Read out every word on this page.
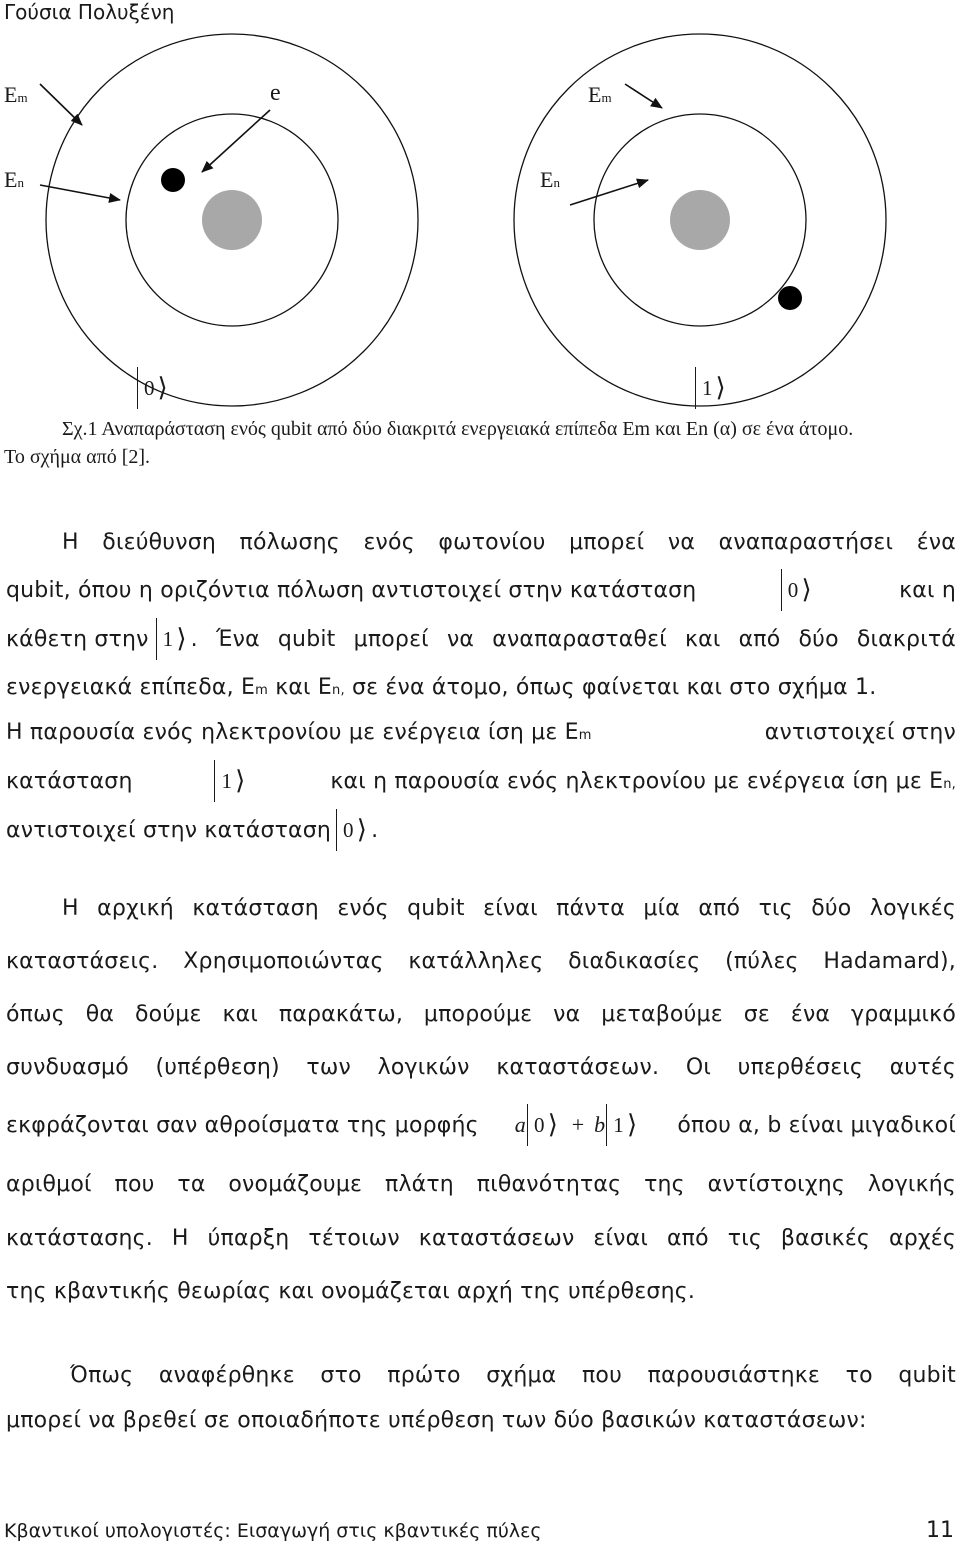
Γούσια Πολυξένη
Em
En
e	Em
En
0 ⟩	1 ⟩
Σχ.1 Αναπαράσταση ενός qubit από δύο διακριτά ενεργειακά επίπεδα Εm και Εn (α) σε ένα άτομο.
Το σχήμα από [2].
Η διεύθυνση πόλωσης ενός φωτονίου μπορεί να αναπαραστήσει ένα
qubit, όπου η οριζόντια πόλωση αντιστοιχεί στην κατάσταση	0 ⟩	και η
κάθετη στην 1 ⟩ . Ένα qubit μπορεί να αναπαρασταθεί και από δύο διακριτά
ενεργειακά επίπεδα, Εm και Εn, σε ένα άτομο, όπως φαίνεται και στο σχήμα 1.
Η παρουσία ενός ηλεκτρονίου με ενέργεια ίση με Εm	αντιστοιχεί στην
κατάσταση	1 ⟩	και η παρουσία ενός ηλεκτρονίου με ενέργεια ίση με Εn,
αντιστοιχεί στην κατάσταση 0 ⟩ .
Η αρχική κατάσταση ενός qubit είναι πάντα μία από τις δύο λογικές
καταστάσεις. Χρησιμοποιώντας κατάλληλες διαδικασίες (πύλες Hadamard),
όπως θα δούμε και παρακάτω, μπορούμε να μεταβούμε σε ένα γραμμικό
συνδυασμό (υπέρθεση) των λογικών καταστάσεων. Οι υπερθέσεις αυτές
εκφράζονται σαν αθροίσματα της μορφής a 0 ⟩ + b 1 ⟩	όπου α, b είναι μιγαδικοί
αριθμοί που τα ονομάζουμε πλάτη πιθανότητας της αντίστοιχης λογικής
κατάστασης. Η ύπαρξη τέτοιων καταστάσεων είναι από τις βασικές αρχές
της κβαντικής θεωρίας και ονομάζεται αρχή της υπέρθεσης.
Όπως αναφέρθηκε στο πρώτο σχήμα που παρουσιάστηκε το qubit
μπορεί να βρεθεί σε οποιαδήποτε υπέρθεση των δύο βασικών καταστάσεων:
Κβαντικοί υπολογιστές: Εισαγωγή στις κβαντικές πύλες	11
